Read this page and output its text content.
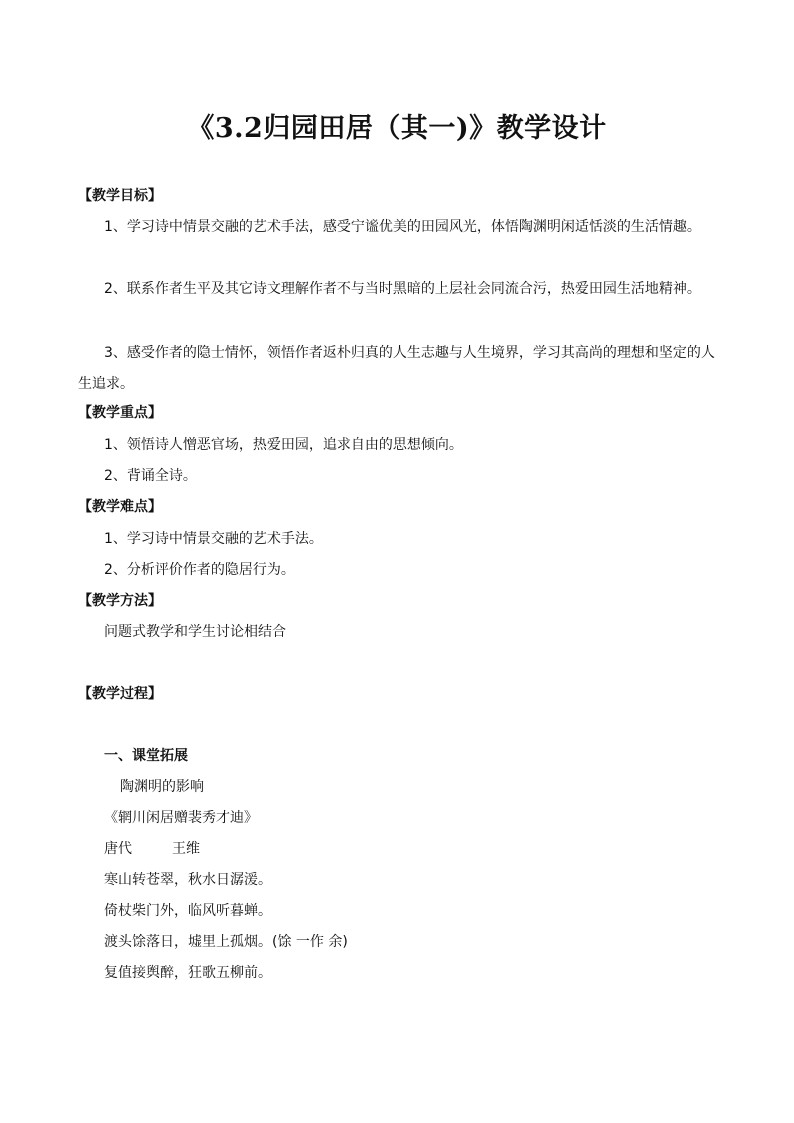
《3.2归园田居（其一)》教学设计
【教学目标】
1、学习诗中情景交融的艺术手法，感受宁谧优美的田园风光，体悟陶渊明闲适恬淡的生活情趣。
2、联系作者生平及其它诗文理解作者不与当时黑暗的上层社会同流合污，热爱田园生活地精神。
3、感受作者的隐士情怀，领悟作者返朴归真的人生志趣与人生境界，学习其高尚的理想和坚定的人生追求。
【教学重点】
1、领悟诗人憎恶官场，热爱田园，追求自由的思想倾向。
2、背诵全诗。
【教学难点】
1、学习诗中情景交融的艺术手法。
2、分析评价作者的隐居行为。
【教学方法】
问题式教学和学生讨论相结合
【教学过程】
一、课堂拓展
陶渊明的影响
《辋川闲居赠裴秀才迪》
唐代	王维
寒山转苍翠，秋水日潺湲。
倚杖柴门外，临风听暮蝉。
渡头馀落日，墟里上孤烟。(馀 一作 余)
复值接舆醉，狂歌五柳前。
